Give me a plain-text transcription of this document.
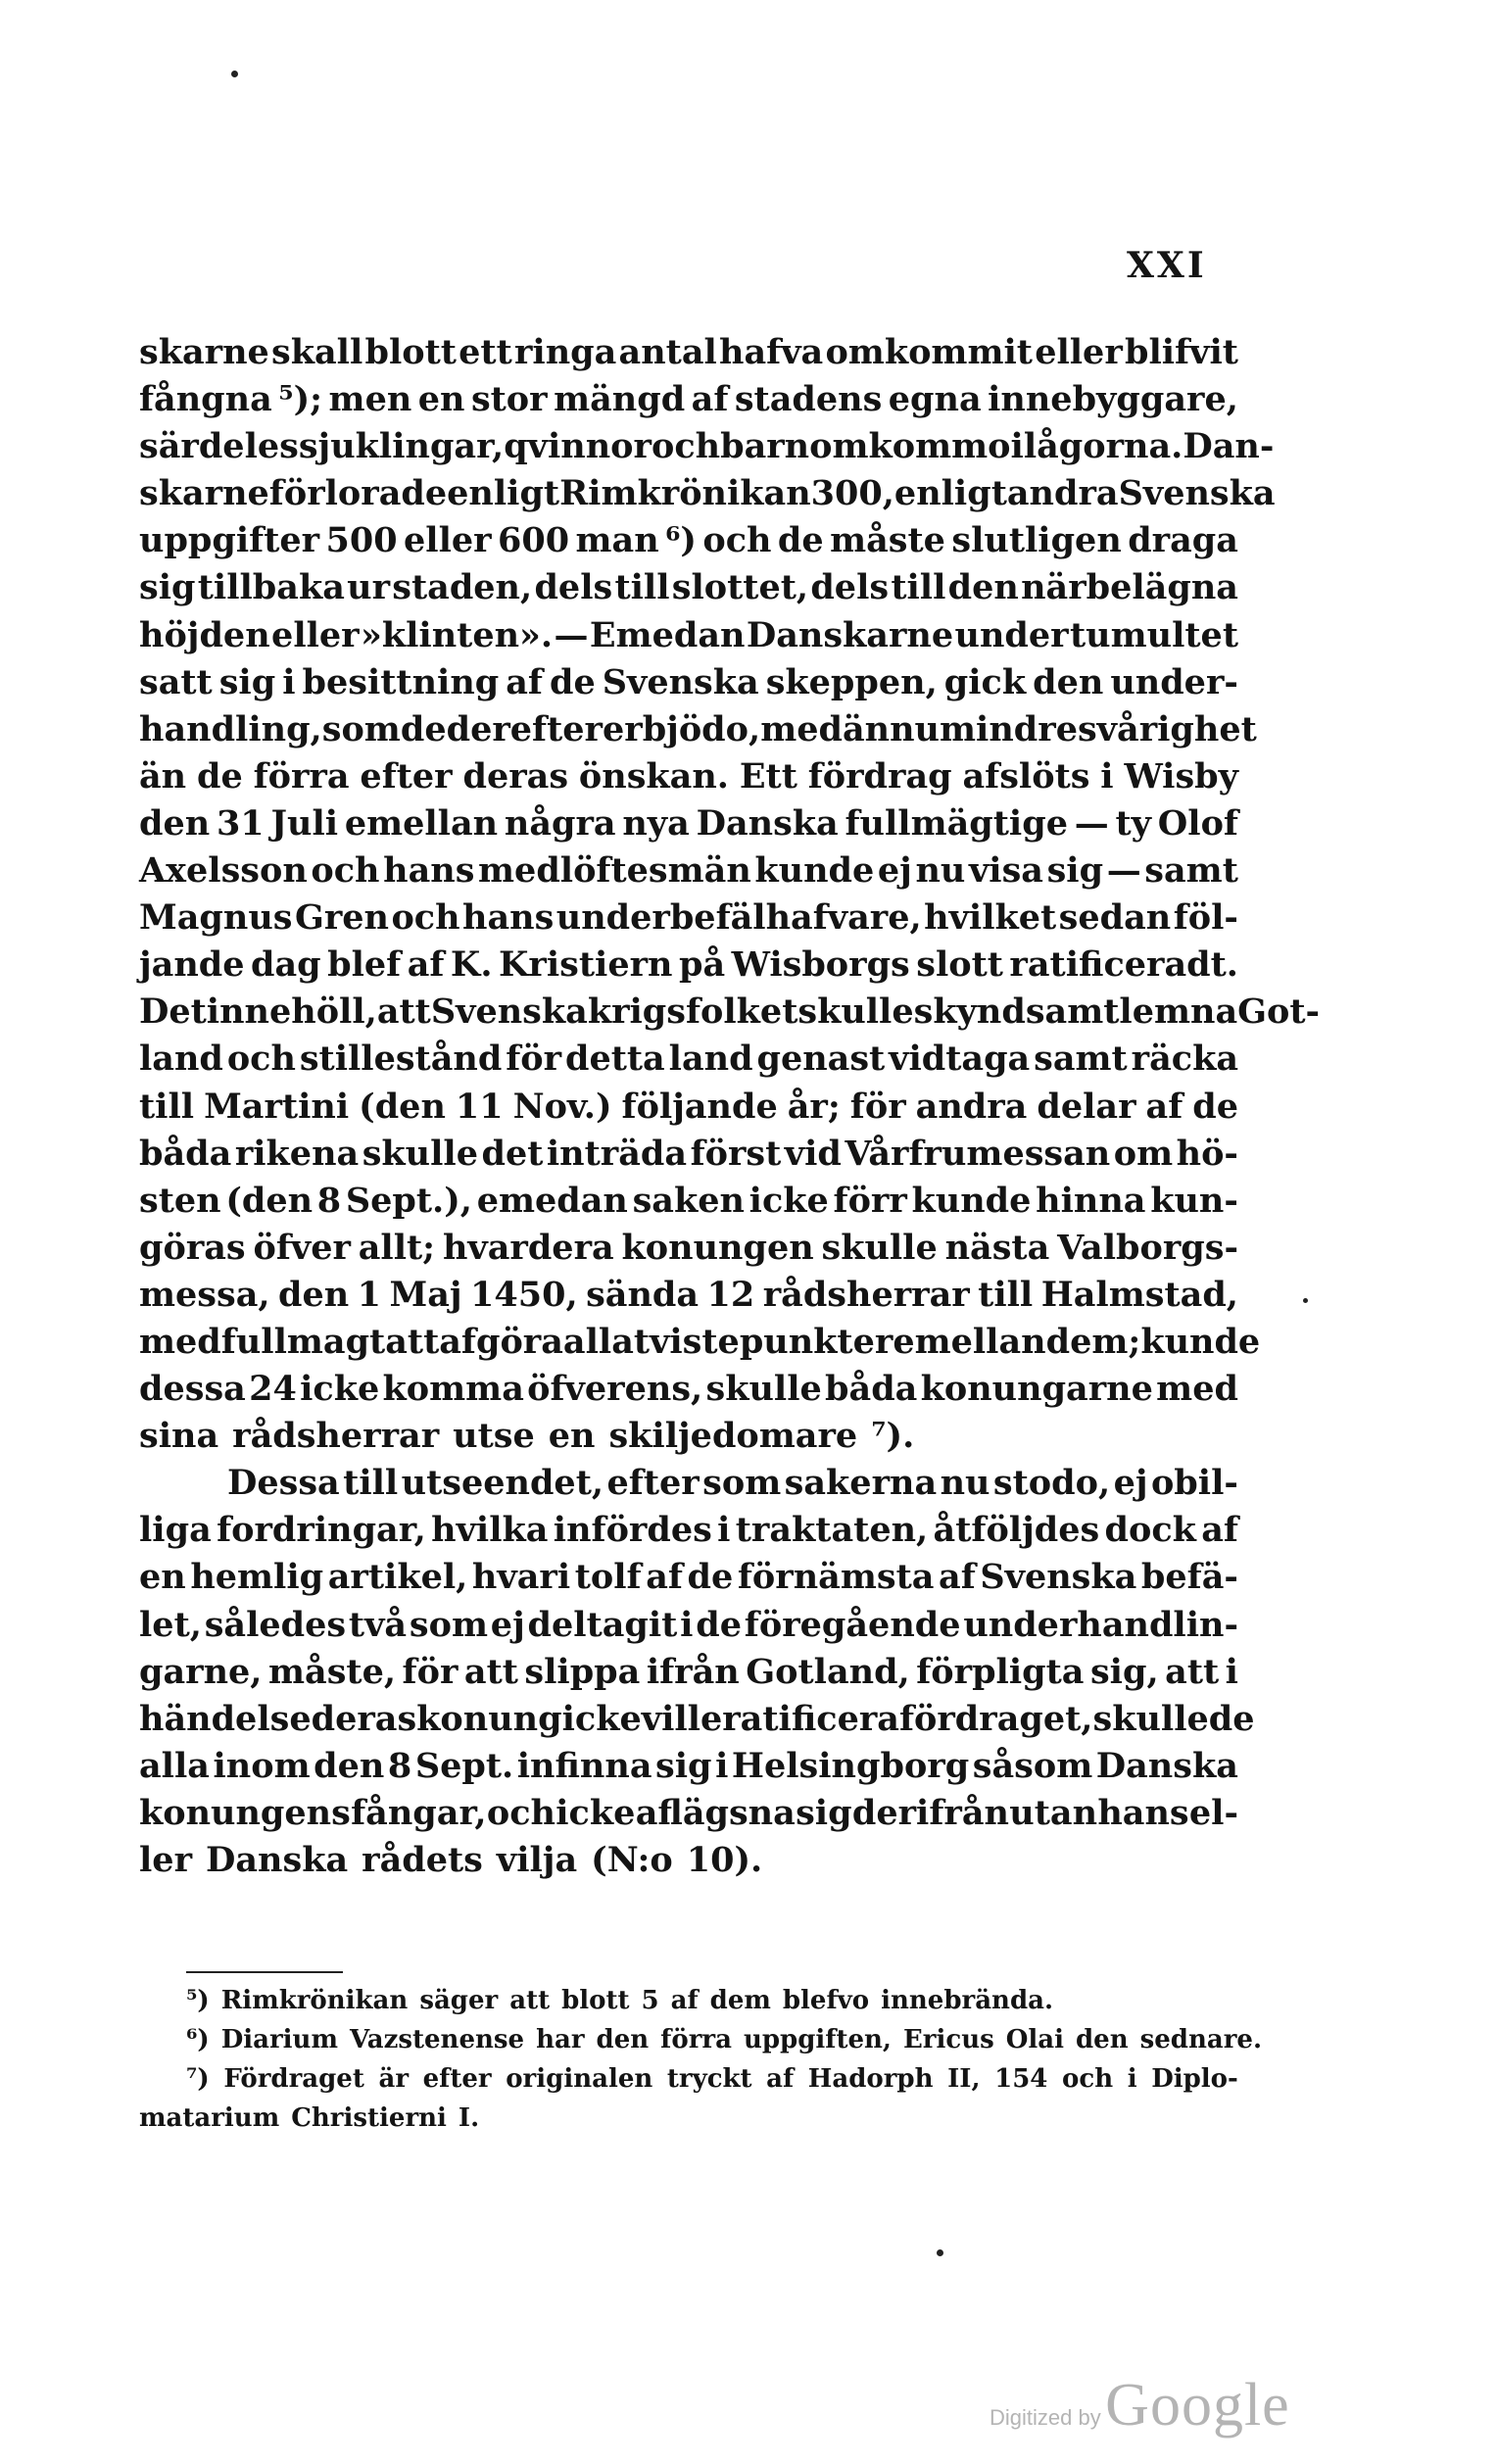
XXI
skarne skall blott ett ringa antal hafva omkommit eller blifvit
fångna ⁵); men en stor mängd af stadens egna innebyggare,
särdeles sjuklingar, qvinnor och barn omkommo i lågorna. Dan-
skarne förlorade enligt Rimkrönikan 300, enligt andra Svenska
uppgifter 500 eller 600 man ⁶) och de måste slutligen draga
sig tillbaka ur staden, dels till slottet, dels till den närbelägna
höjden eller »klinten». — Emedan Danskarne under tumultet
satt sig i besittning af de Svenska skeppen, gick den under-
handling, som de derefter erbjödo, med ännu mindre svårighet
än de förra efter deras önskan. Ett fördrag afslöts i Wisby
den 31 Juli emellan några nya Danska fullmägtige — ty Olof
Axelsson och hans medlöftesmän kunde ej nu visa sig — samt
Magnus Gren och hans underbefälhafvare, hvilket sedan föl-
jande dag blef af K. Kristiern på Wisborgs slott ratificeradt.
Det innehöll, att Svenska krigsfolket skulle skyndsamt lemna Got-
land och stillestånd för detta land genast vidtaga samt räcka
till Martini (den 11 Nov.) följande år; för andra delar af de
båda rikena skulle det inträda först vid Vårfrumessan om hö-
sten (den 8 Sept.), emedan saken icke förr kunde hinna kun-
göras öfver allt; hvardera konungen skulle nästa Valborgs-
messa, den 1 Maj 1450, sända 12 rådsherrar till Halmstad,
med fullmagt att afgöra alla tvistepunkter emellan dem; kunde
dessa 24 icke komma öfverens, skulle båda konungarne med
sina rådsherrar utse en skiljedomare ⁷).
Dessa till utseendet, efter som sakerna nu stodo, ej obil-
liga fordringar, hvilka infördes i traktaten, åtföljdes dock af
en hemlig artikel, hvari tolf af de förnämsta af Svenska befä-
let, således två som ej deltagit i de föregående underhandlin-
garne, måste, för att slippa ifrån Gotland, förpligta sig, att i
händelse deras konung icke ville ratificera fördraget, skulle de
alla inom den 8 Sept. infinna sig i Helsingborg såsom Danska
konungens fångar, och icke aflägsna sig derifrån utan hans el-
ler Danska rådets vilja (N:o 10).
⁵) Rimkrönikan säger att blott 5 af dem blefvo innebrända.
⁶) Diarium Vazstenense har den förra uppgiften, Ericus Olai den sednare.
⁷) Fördraget är efter originalen tryckt af Hadorph II, 154 och i Diplo-
matarium Christierni I.
Digitized by Google
